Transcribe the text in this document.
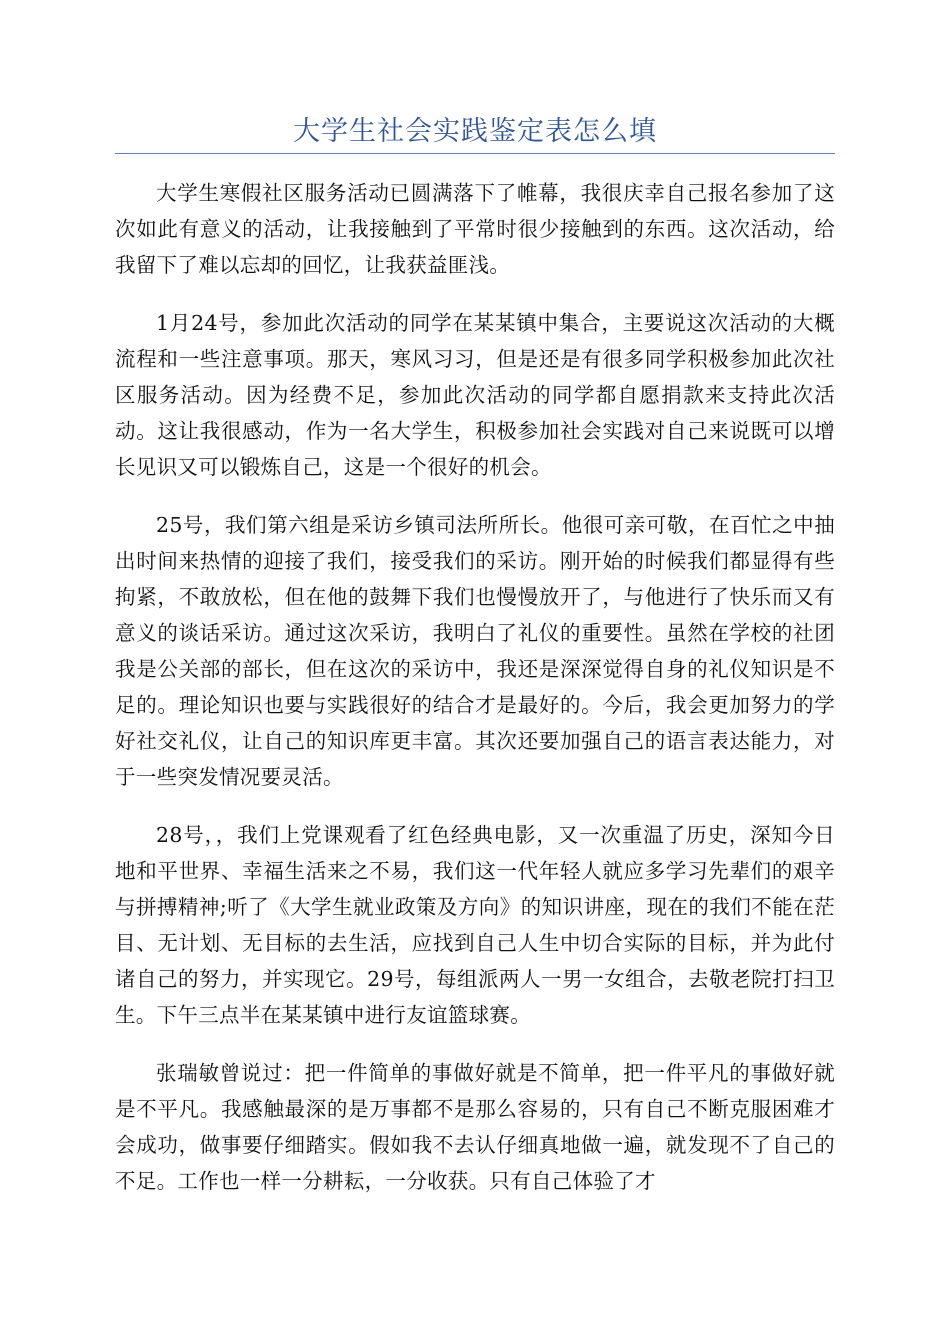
大学生社会实践鉴定表怎么填

大学生寒假社区服务活动已圆满落下了帷幕，我很庆幸自己报名参加了这次如此有意义的活动，让我接触到了平常时很少接触到的东西。这次活动，给我留下了难以忘却的回忆，让我获益匪浅。

1月24号，参加此次活动的同学在某某镇中集合，主要说这次活动的大概流程和一些注意事项。那天，寒风习习，但是还是有很多同学积极参加此次社区服务活动。因为经费不足，参加此次活动的同学都自愿捐款来支持此次活动。这让我很感动，作为一名大学生，积极参加社会实践对自己来说既可以增长见识又可以锻炼自己，这是一个很好的机会。

25号，我们第六组是采访乡镇司法所所长。他很可亲可敬，在百忙之中抽出时间来热情的迎接了我们，接受我们的采访。刚开始的时候我们都显得有些拘紧，不敢放松，但在他的鼓舞下我们也慢慢放开了，与他进行了快乐而又有意义的谈话采访。通过这次采访，我明白了礼仪的重要性。虽然在学校的社团我是公关部的部长，但在这次的采访中，我还是深深觉得自身的礼仪知识是不足的。理论知识也要与实践很好的结合才是最好的。今后，我会更加努力的学好社交礼仪，让自己的知识库更丰富。其次还要加强自己的语言表达能力，对于一些突发情况要灵活。

28号，，我们上党课观看了红色经典电影，又一次重温了历史，深知今日地和平世界、幸福生活来之不易，我们这一代年轻人就应多学习先辈们的艰辛与拼搏精神;听了《大学生就业政策及方向》的知识讲座，现在的我们不能在茫目、无计划、无目标的去生活，应找到自己人生中切合实际的目标，并为此付诸自己的努力，并实现它。29号，每组派两人一男一女组合，去敬老院打扫卫生。下午三点半在某某镇中进行友谊篮球赛。

张瑞敏曾说过：把一件简单的事做好就是不简单，把一件平凡的事做好就是不平凡。我感触最深的是万事都不是那么容易的，只有自己不断克服困难才会成功，做事要仔细踏实。假如我不去认仔细真地做一遍，就发现不了自己的不足。工作也一样一分耕耘，一分收获。只有自己体验了才
